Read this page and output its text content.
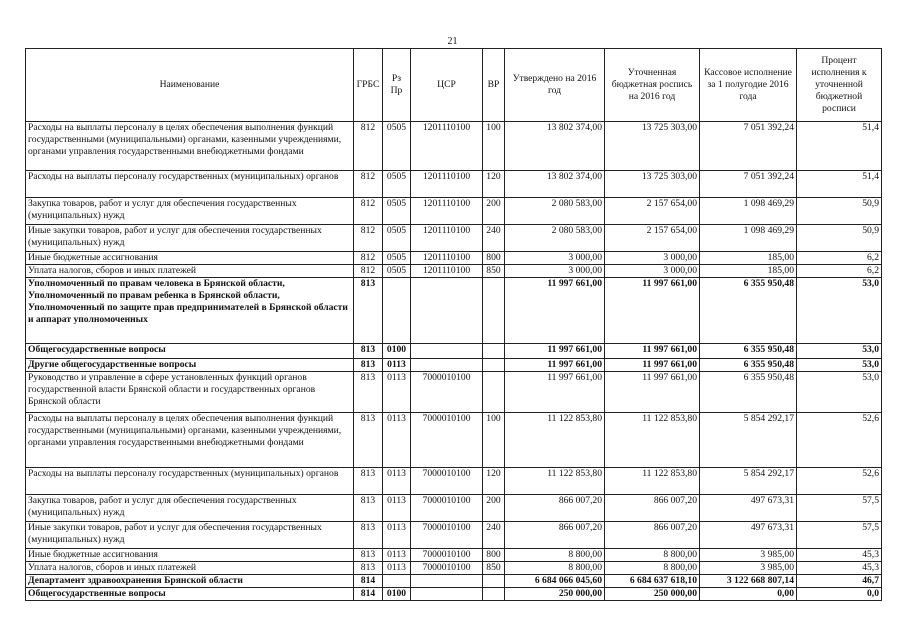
21
Наименование	ГРБС	Рз Пр	ЦСР	ВР	Утверждено на 2016 год	Уточненная бюджетная роспись на 2016 год	Кассовое исполнение за 1 полугодие 2016 года	Процент исполнения к уточненной бюджетной росписи
Расходы на выплаты персоналу в целях обеспечения выполнения функций государственными (муниципальными) органами, казенными учреждениями, органами управления государственными внебюджетными фондами	812	0505	1201110100	100	13 802 374,00	13 725 303,00	7 051 392,24	51,4
Расходы на выплаты персоналу государственных (муниципальных) органов	812	0505	1201110100	120	13 802 374,00	13 725 303,00	7 051 392,24	51,4
Закупка товаров, работ и услуг для обеспечения государственных (муниципальных) нужд	812	0505	1201110100	200	2 080 583,00	2 157 654,00	1 098 469,29	50,9
Иные закупки товаров, работ и услуг для обеспечения государственных (муниципальных) нужд	812	0505	1201110100	240	2 080 583,00	2 157 654,00	1 098 469,29	50,9
Иные бюджетные ассигнования	812	0505	1201110100	800	3 000,00	3 000,00	185,00	6,2
Уплата налогов, сборов и иных платежей	812	0505	1201110100	850	3 000,00	3 000,00	185,00	6,2
Уполномоченный по правам человека в Брянской области, Уполномоченный по правам ребенка в Брянской области, Уполномоченный по защите прав предпринимателей в Брянской области и аппарат уполномоченных	813				11 997 661,00	11 997 661,00	6 355 950,48	53,0
Общегосударственные вопросы	813	0100			11 997 661,00	11 997 661,00	6 355 950,48	53,0
Другие общегосударственные вопросы	813	0113			11 997 661,00	11 997 661,00	6 355 950,48	53,0
Руководство и управление в сфере установленных функций органов государственной власти Брянской области и государственных органов Брянской области	813	0113	7000010100		11 997 661,00	11 997 661,00	6 355 950,48	53,0
Расходы на выплаты персоналу в целях обеспечения выполнения функций государственными (муниципальными) органами, казенными учреждениями, органами управления государственными внебюджетными фондами	813	0113	7000010100	100	11 122 853,80	11 122 853,80	5 854 292,17	52,6
Расходы на выплаты персоналу государственных (муниципальных) органов	813	0113	7000010100	120	11 122 853,80	11 122 853,80	5 854 292,17	52,6
Закупка товаров, работ и услуг для обеспечения государственных (муниципальных) нужд	813	0113	7000010100	200	866 007,20	866 007,20	497 673,31	57,5
Иные закупки товаров, работ и услуг для обеспечения государственных (муниципальных) нужд	813	0113	7000010100	240	866 007,20	866 007,20	497 673,31	57,5
Иные бюджетные ассигнования	813	0113	7000010100	800	8 800,00	8 800,00	3 985,00	45,3
Уплата налогов, сборов и иных платежей	813	0113	7000010100	850	8 800,00	8 800,00	3 985,00	45,3
Департамент здравоохранения Брянской области	814				6 684 066 045,60	6 684 637 618,10	3 122 668 807,14	46,7
Общегосударственные вопросы	814	0100			250 000,00	250 000,00	0,00	0,0
